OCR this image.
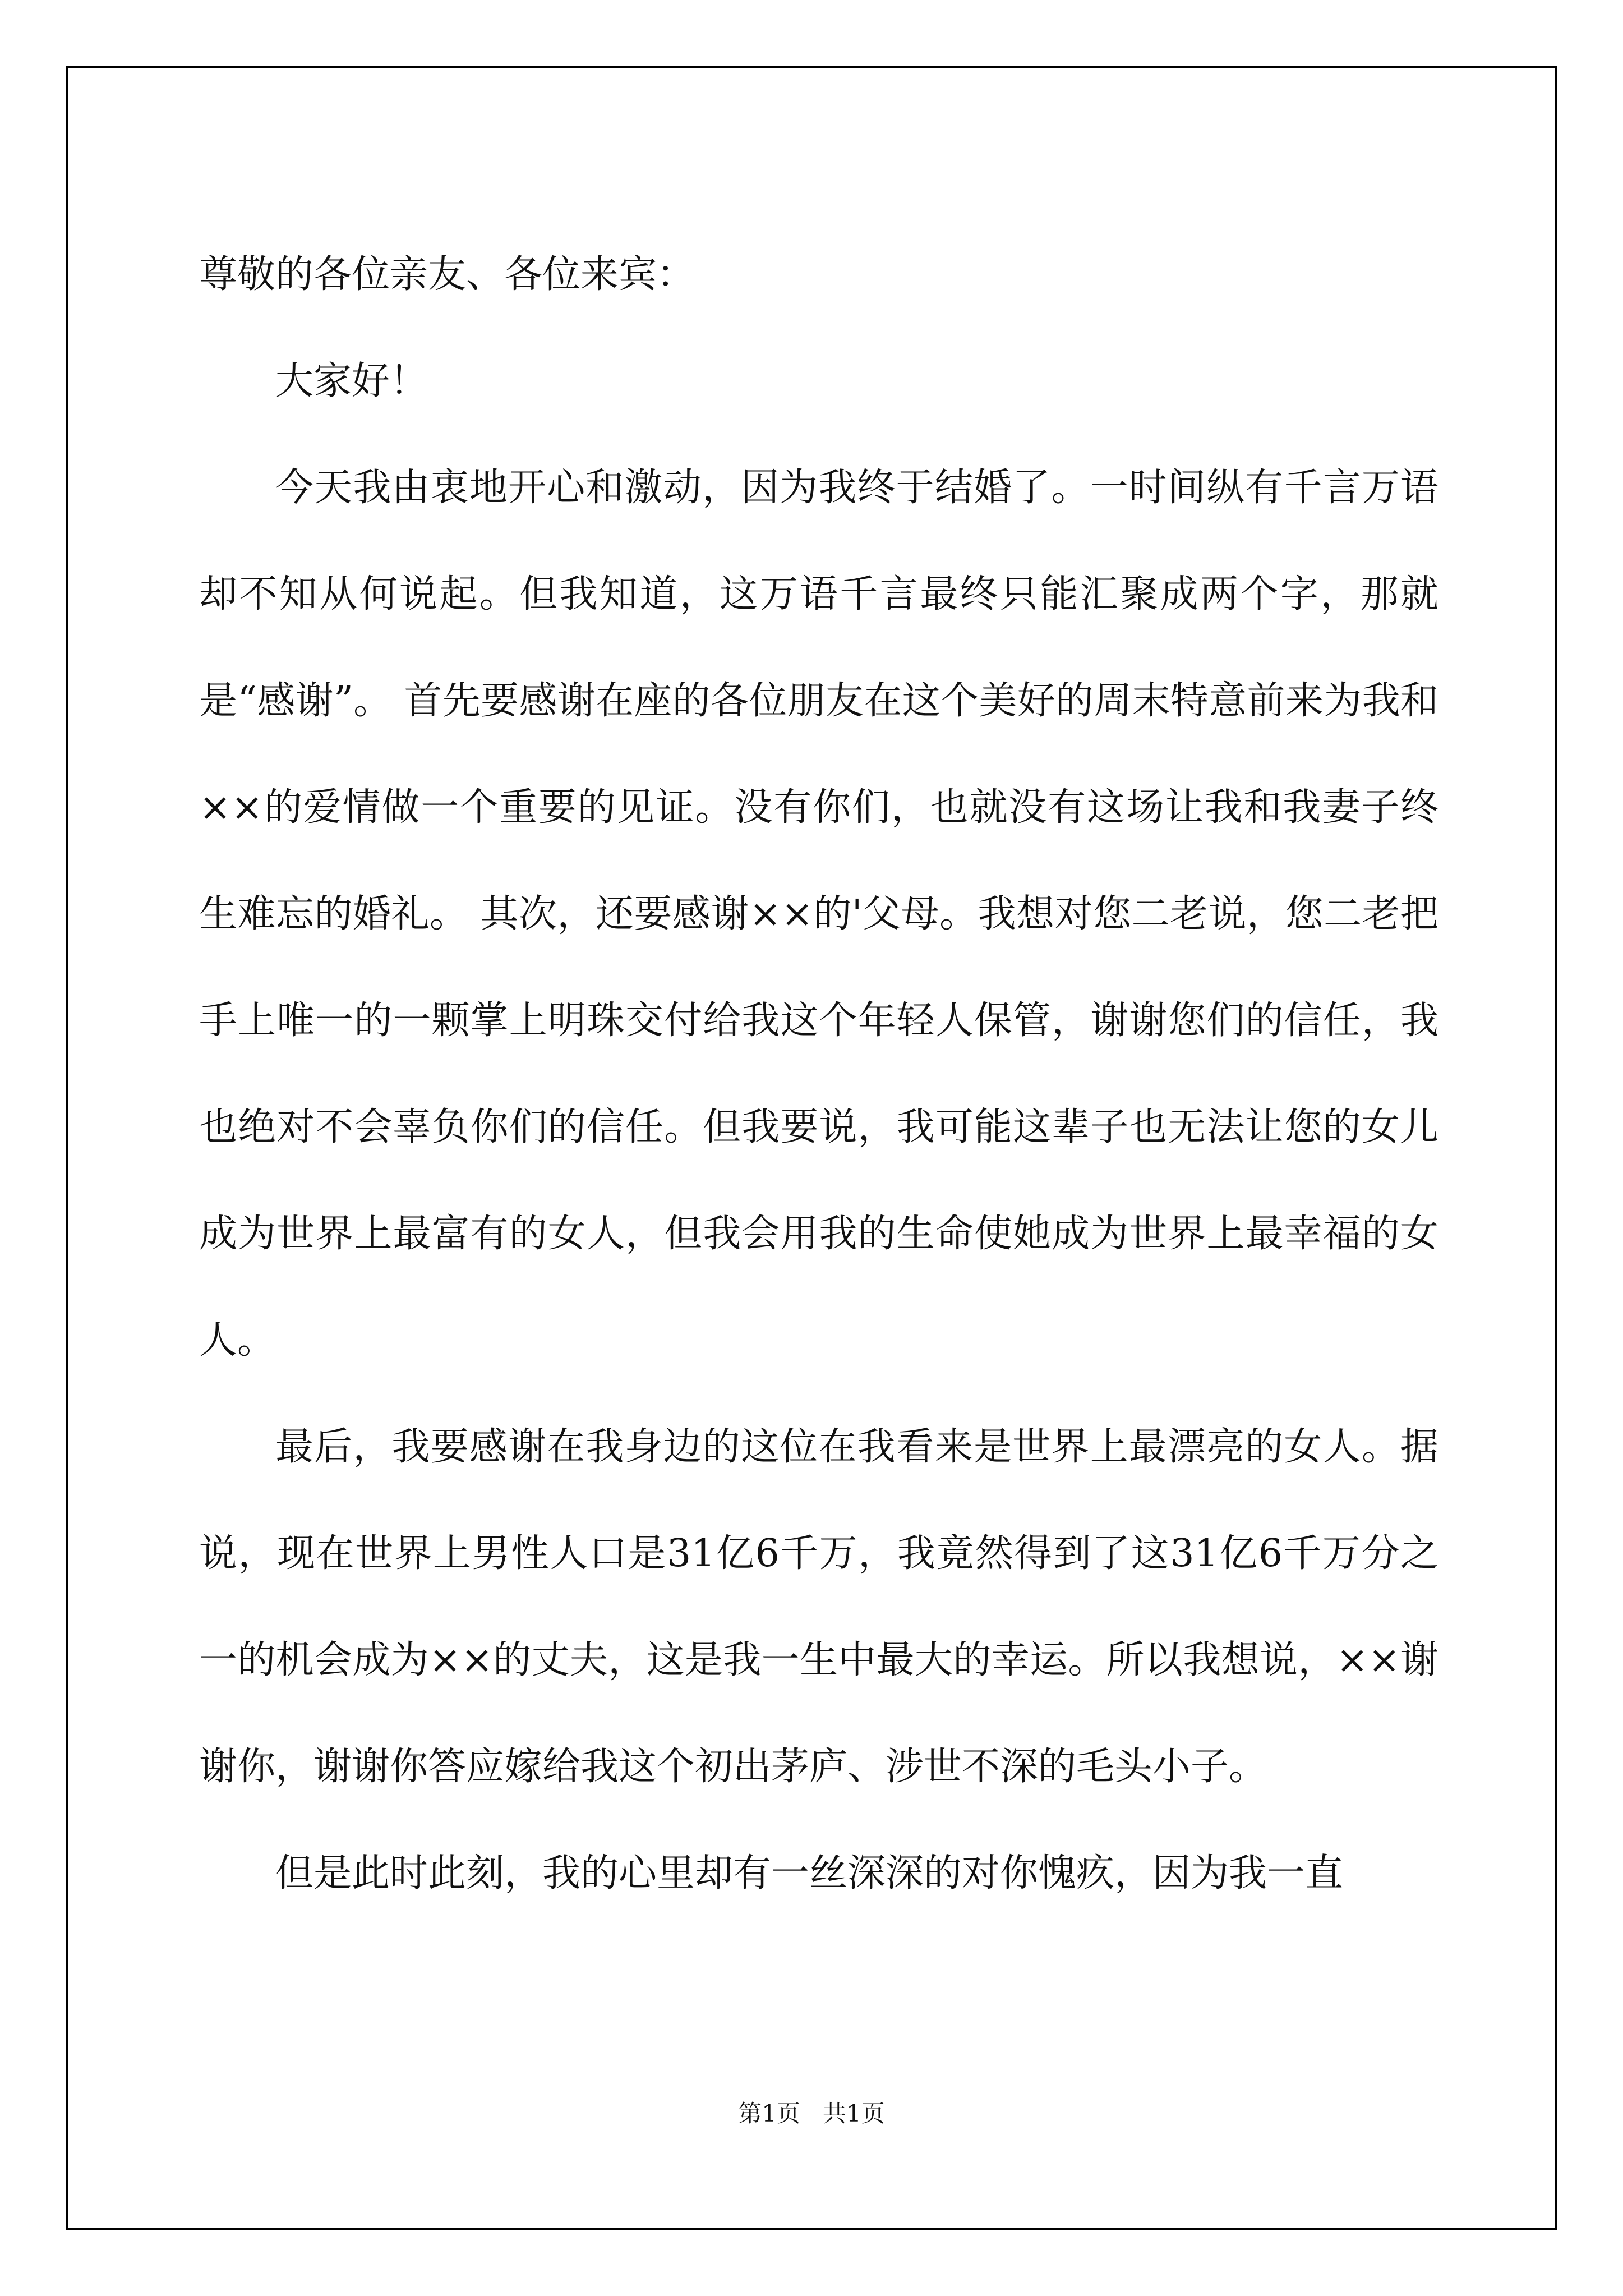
尊敬的各位亲友、各位来宾：

大家好！

今天我由衷地开心和激动，因为我终于结婚了。一时间纵有千言万语却不知从何说起。但我知道，这万语千言最终只能汇聚成两个字，那就是“感谢”。 首先要感谢在座的各位朋友在这个美好的周末特意前来为我和××的爱情做一个重要的见证。没有你们，也就没有这场让我和我妻子终生难忘的婚礼。 其次，还要感谢××的'父母。我想对您二老说，您二老把手上唯一的一颗掌上明珠交付给我这个年轻人保管，谢谢您们的信任，我也绝对不会辜负你们的信任。但我要说，我可能这辈子也无法让您的女儿成为世界上最富有的女人，但我会用我的生命使她成为世界上最幸福的女人。

最后，我要感谢在我身边的这位在我看来是世界上最漂亮的女人。据说，现在世界上男性人口是31亿6千万，我竟然得到了这31亿6千万分之一的机会成为××的丈夫，这是我一生中最大的幸运。所以我想说，××谢谢你，谢谢你答应嫁给我这个初出茅庐、涉世不深的毛头小子。

但是此时此刻，我的心里却有一丝深深的对你愧疚，因为我一直

第1页   共1页
